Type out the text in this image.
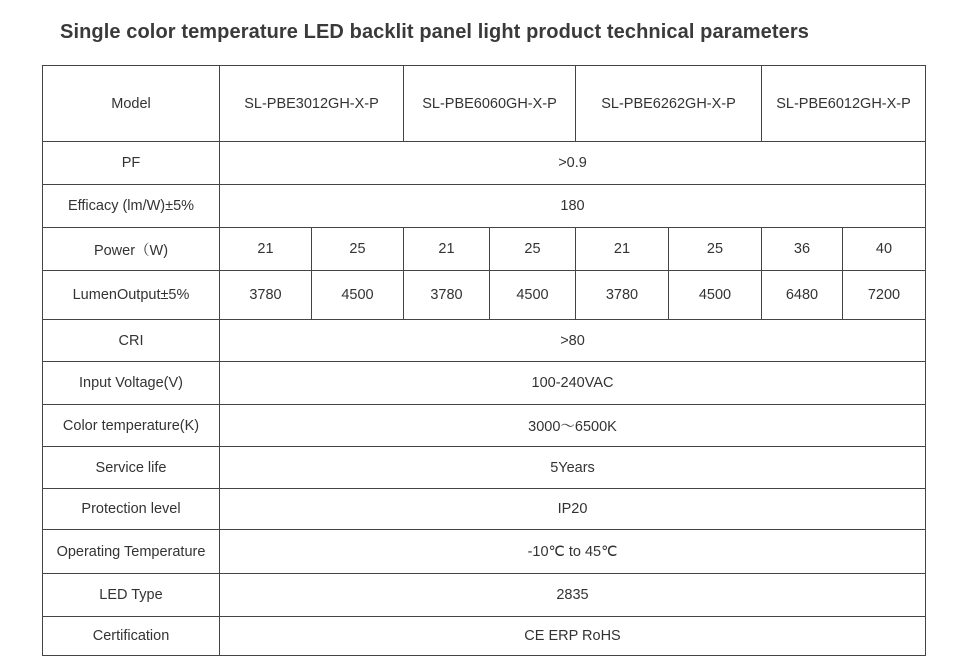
Single color temperature LED backlit panel light product technical parameters
Model	SL-PBE3012GH-X-P		SL-PBE6060GH-X-P		SL-PBE6262GH-X-P		SL-PBE6012GH-X-P	
PF	>0.9							
Efficacy (lm/W)±5%	180							
Power（W)	21	25	21	25	21	25	36	40
LumenOutput±5%	3780	4500	3780	4500	3780	4500	6480	7200
CRI	>80							
Input Voltage(V)	100-240VAC							
Color temperature(K)	3000～6500K							
Service life	5Years							
Protection level	IP20							
Operating Temperature	-10℃ to 45℃							
LED Type	2835							
Certification	CE ERP RoHS							
